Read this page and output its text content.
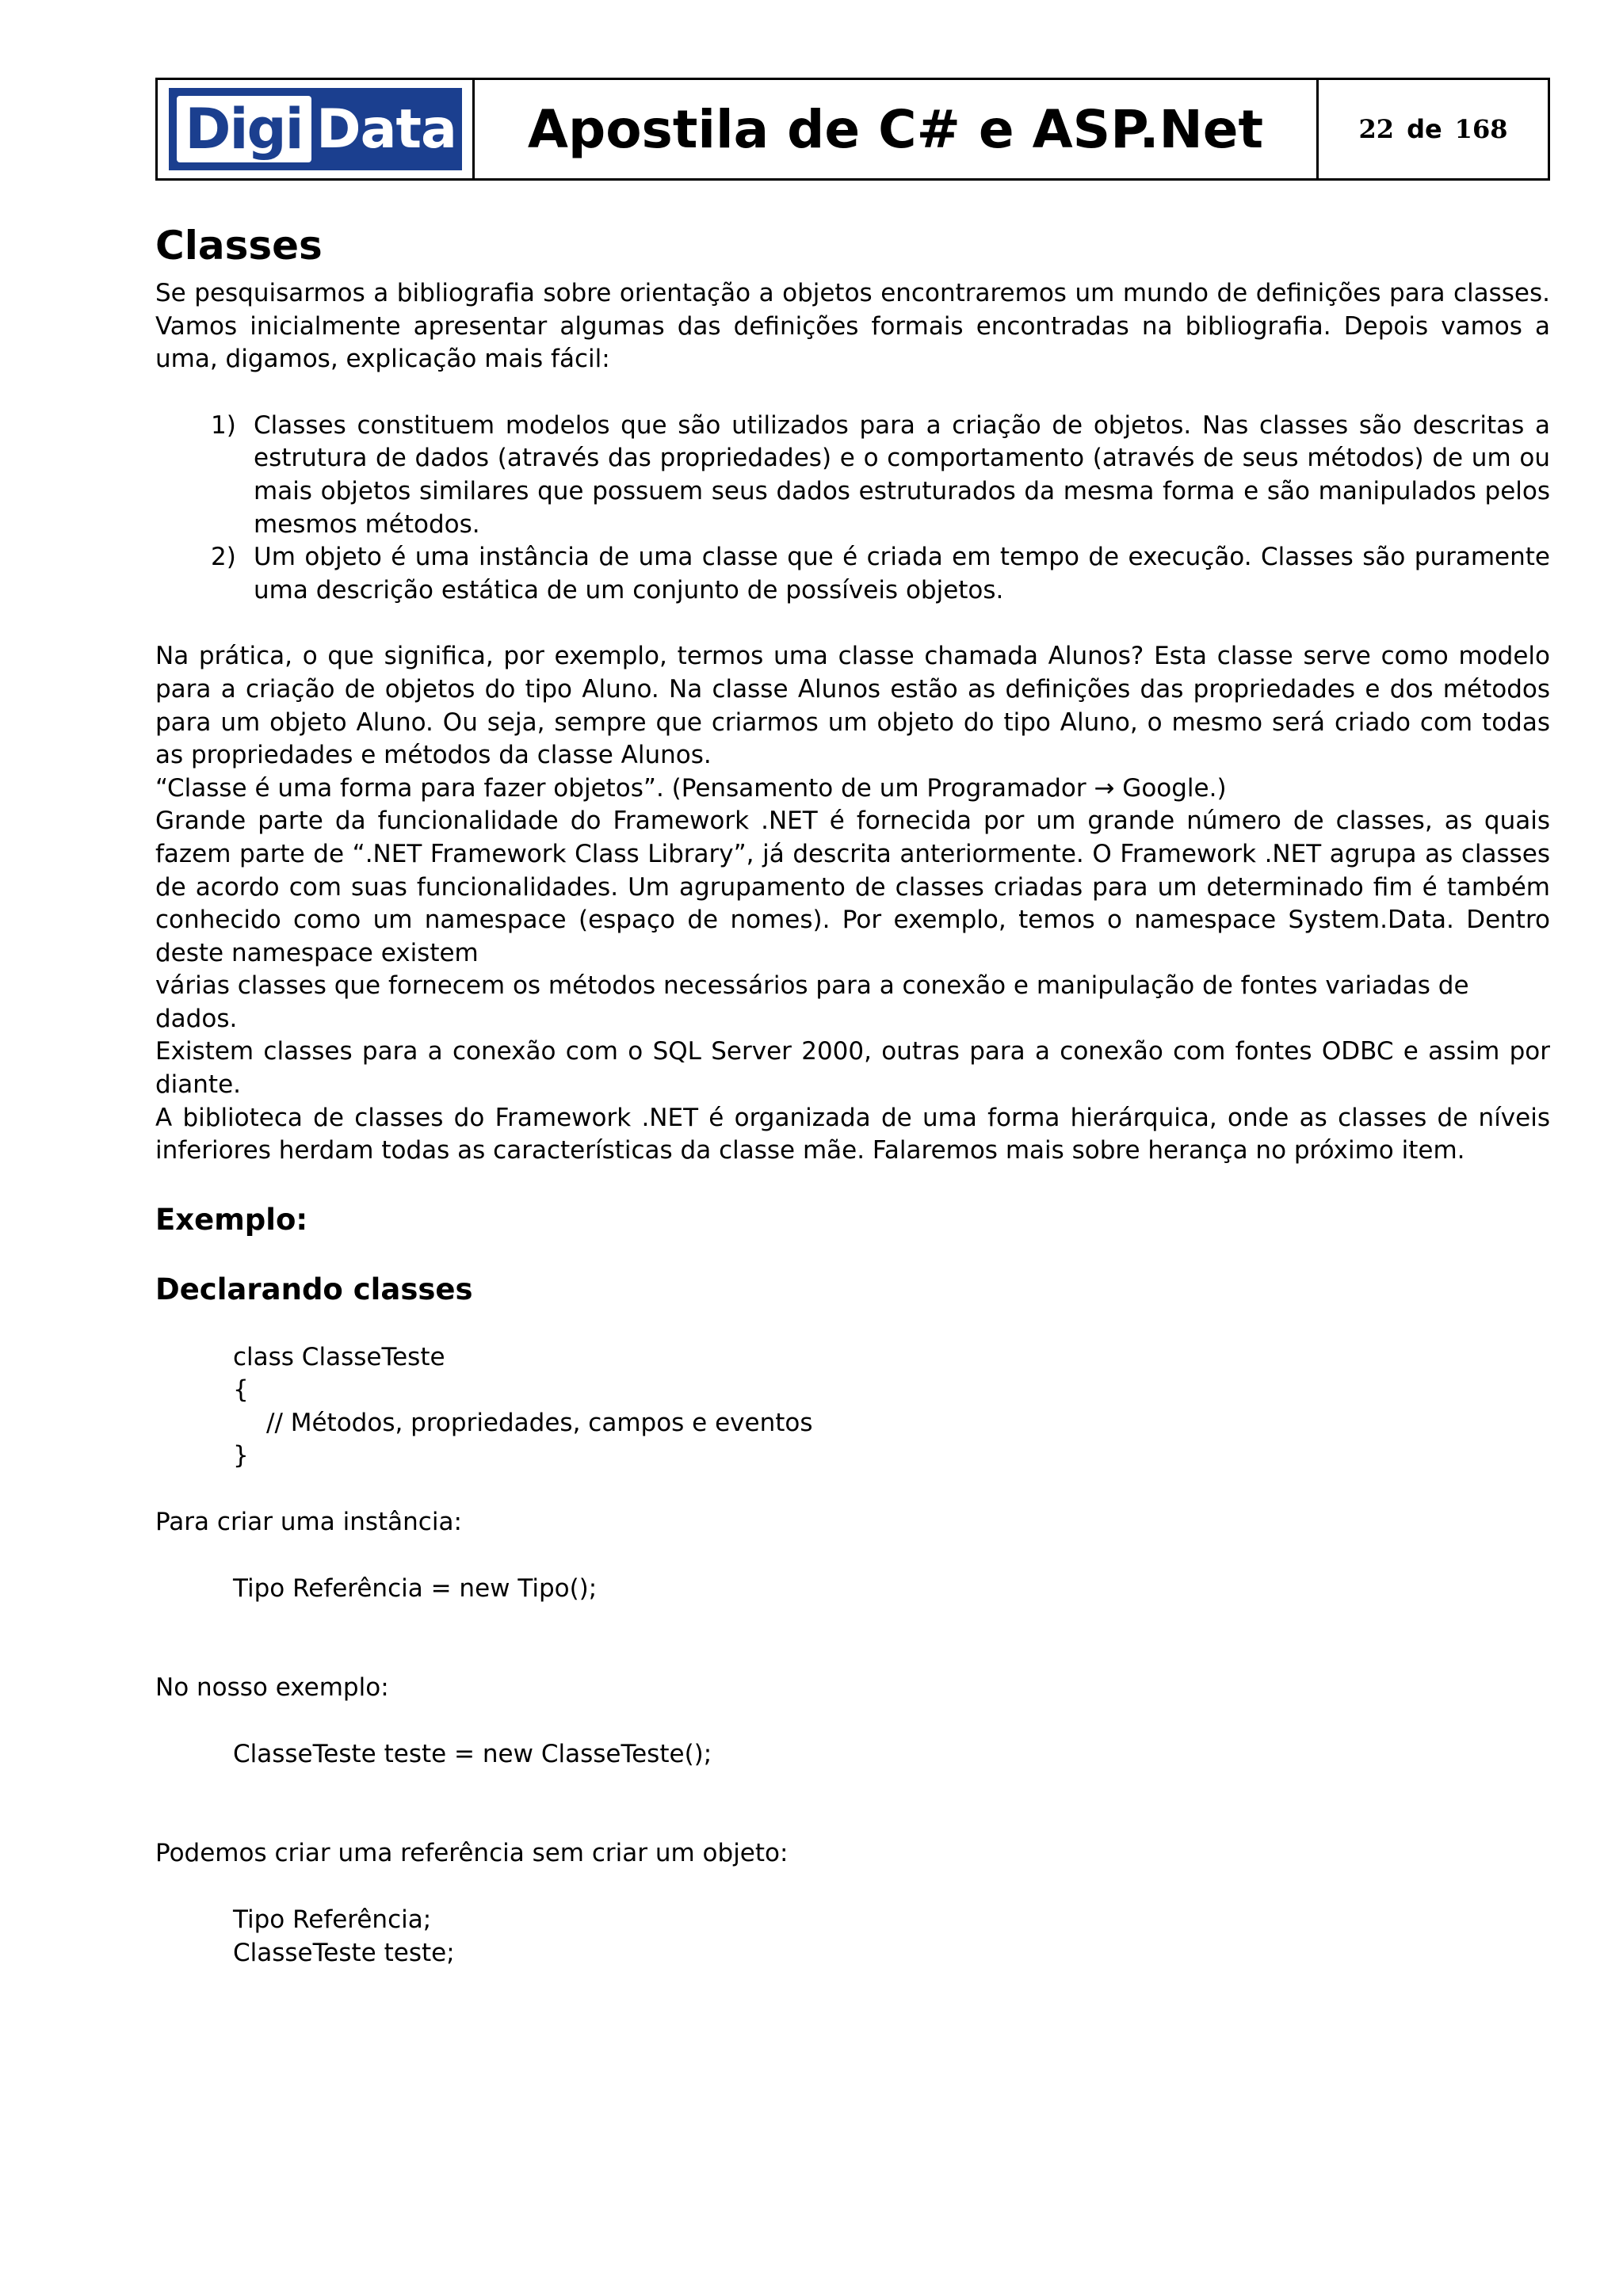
Digi Data Apostila de C# e ASP.Net	22 de 168
Classes

Se pesquisarmos a bibliografia sobre orientação a objetos encontraremos um mundo de definições para classes. Vamos inicialmente apresentar algumas das definições formais encontradas na bibliografia. Depois vamos a uma, digamos, explicação mais fácil:

1) Classes constituem modelos que são utilizados para a criação de objetos. Nas classes são descritas a estrutura de dados (através das propriedades) e o comportamento (através de seus métodos) de um ou mais objetos similares que possuem seus dados estruturados da mesma forma e são manipulados pelos mesmos métodos.
2) Um objeto é uma instância de uma classe que é criada em tempo de execução. Classes são puramente uma descrição estática de um conjunto de possíveis objetos.

Na prática, o que significa, por exemplo, termos uma classe chamada Alunos? Esta classe serve como modelo para a criação de objetos do tipo Aluno. Na classe Alunos estão as definições das propriedades e dos métodos para um objeto Aluno. Ou seja, sempre que criarmos um objeto do tipo Aluno, o mesmo será criado com todas as propriedades e métodos da classe Alunos.

“Classe é uma forma para fazer objetos”. (Pensamento de um Programador → Google.)

Grande parte da funcionalidade do Framework .NET é fornecida por um grande número de classes, as quais fazem parte de “.NET Framework Class Library”, já descrita anteriormente. O Framework .NET agrupa as classes de acordo com suas funcionalidades. Um agrupamento de classes criadas para um determinado fim é também conhecido como um namespace (espaço de nomes). Por exemplo, temos o namespace System.Data. Dentro deste namespace existem

várias classes que fornecem os métodos necessários para a conexão e manipulação de fontes variadas de dados.

Existem classes para a conexão com o SQL Server 2000, outras para a conexão com fontes ODBC e assim por diante.

A biblioteca de classes do Framework .NET é organizada de uma forma hierárquica, onde as classes de níveis inferiores herdam todas as características da classe mãe. Falaremos mais sobre herança no próximo item.

Exemplo:
Declarando classes
class ClasseTeste
{
// Métodos, propriedades, campos e eventos
}
Para criar uma instância:
Tipo Referência = new Tipo();
No nosso exemplo:
ClasseTeste teste = new ClasseTeste();
Podemos criar uma referência sem criar um objeto:
Tipo Referência;
ClasseTeste teste;
